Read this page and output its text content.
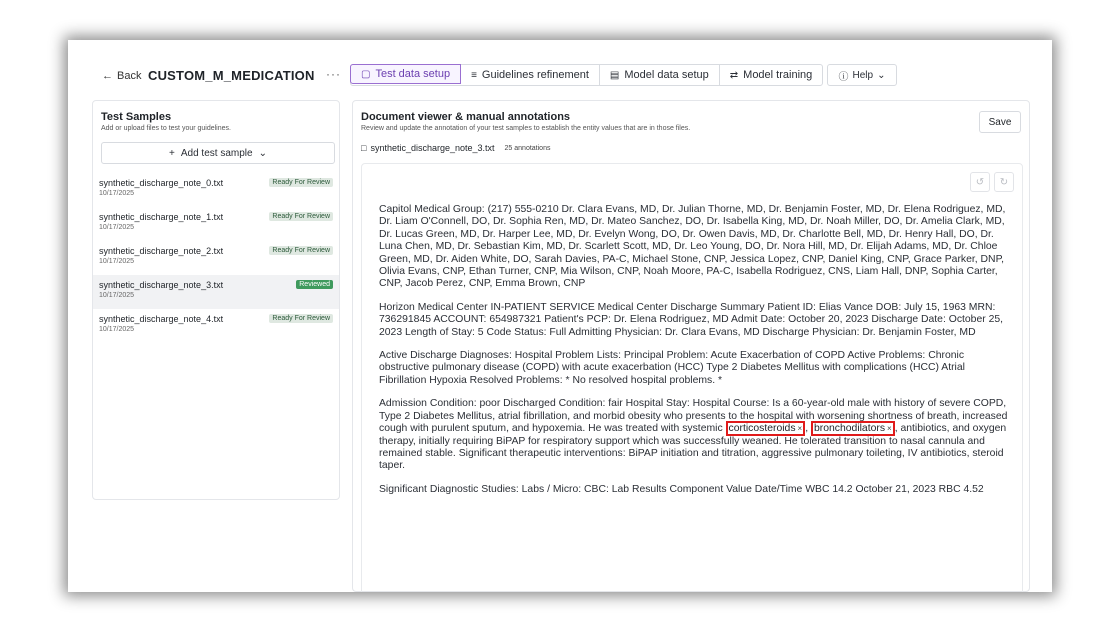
← Back CUSTOM_M_MEDICATION ··· ▢ Test data setup ≡ Guidelines refinement ▤ Model data setup ⇄ Model training	ⓘ Help ⌄
Test Samples
Add or upload files to test your guidelines.
+ Add test sample ⌄
synthetic_discharge_note_0.txt
10/17/2025
Ready For Review
synthetic_discharge_note_1.txt
10/17/2025
Ready For Review
synthetic_discharge_note_2.txt
10/17/2025
Ready For Review
synthetic_discharge_note_3.txt
10/17/2025
Reviewed
synthetic_discharge_note_4.txt
10/17/2025
Ready For Review
Document viewer & manual annotations
Review and update the annotation of your test samples to establish the entity values that are in those files.
Save
□ synthetic_discharge_note_3.txt 25 annotations
↺ ↻

Capitol Medical Group: (217) 555-0210 Dr. Clara Evans, MD, Dr. Julian Thorne, MD, Dr. Benjamin Foster, MD, Dr. Elena Rodriguez, MD, Dr. Liam O'Connell, DO, Dr. Sophia Ren, MD, Dr. Mateo Sanchez, DO, Dr. Isabella King, MD, Dr. Noah Miller, DO, Dr. Amelia Clark, MD, Dr. Lucas Green, MD, Dr. Harper Lee, MD, Dr. Evelyn Wong, DO, Dr. Owen Davis, MD, Dr. Charlotte Bell, MD, Dr. Henry Hall, DO, Dr. Luna Chen, MD, Dr. Sebastian Kim, MD, Dr. Scarlett Scott, MD, Dr. Leo Young, DO, Dr. Nora Hill, MD, Dr. Elijah Adams, MD, Dr. Chloe Green, MD, Dr. Aiden White, DO, Sarah Davies, PA-C, Michael Stone, CNP, Jessica Lopez, CNP, Daniel King, CNP, Grace Parker, DNP, Olivia Evans, CNP, Ethan Turner, CNP, Mia Wilson, CNP, Noah Moore, PA-C, Isabella Rodriguez, CNS, Liam Hall, DNP, Sophia Carter, CNP, Jacob Perez, CNP, Emma Brown, CNP

Horizon Medical Center IN-PATIENT SERVICE Medical Center Discharge Summary Patient ID: Elias Vance DOB: July 15, 1963 MRN: 736291845 ACCOUNT: 654987321 Patient's PCP: Dr. Elena Rodriguez, MD Admit Date: October 20, 2023 Discharge Date: October 25, 2023 Length of Stay: 5 Code Status: Full Admitting Physician: Dr. Clara Evans, MD Discharge Physician: Dr. Benjamin Foster, MD

Active Discharge Diagnoses: Hospital Problem Lists: Principal Problem: Acute Exacerbation of COPD Active Problems: Chronic obstructive pulmonary disease (COPD) with acute exacerbation (HCC) Type 2 Diabetes Mellitus with complications (HCC) Atrial Fibrillation Hypoxia Resolved Problems: * No resolved hospital problems. *

Admission Condition: poor Discharged Condition: fair Hospital Stay: Hospital Course: Is a 60-year-old male with history of severe COPD, Type 2 Diabetes Mellitus, atrial fibrillation, and morbid obesity who presents to the hospital with worsening shortness of breath, increased cough with purulent sputum, and hypoxemia. He was treated with systemic corticosteroids × , bronchodilators × , antibiotics, and oxygen therapy, initially requiring BiPAP for respiratory support which was successfully weaned. He tolerated transition to nasal cannula and remained stable. Significant therapeutic interventions: BiPAP initiation and titration, aggressive pulmonary toileting, IV antibiotics, steroid taper.

Significant Diagnostic Studies: Labs / Micro: CBC: Lab Results Component Value Date/Time WBC 14.2 October 21, 2023 RBC 4.52
